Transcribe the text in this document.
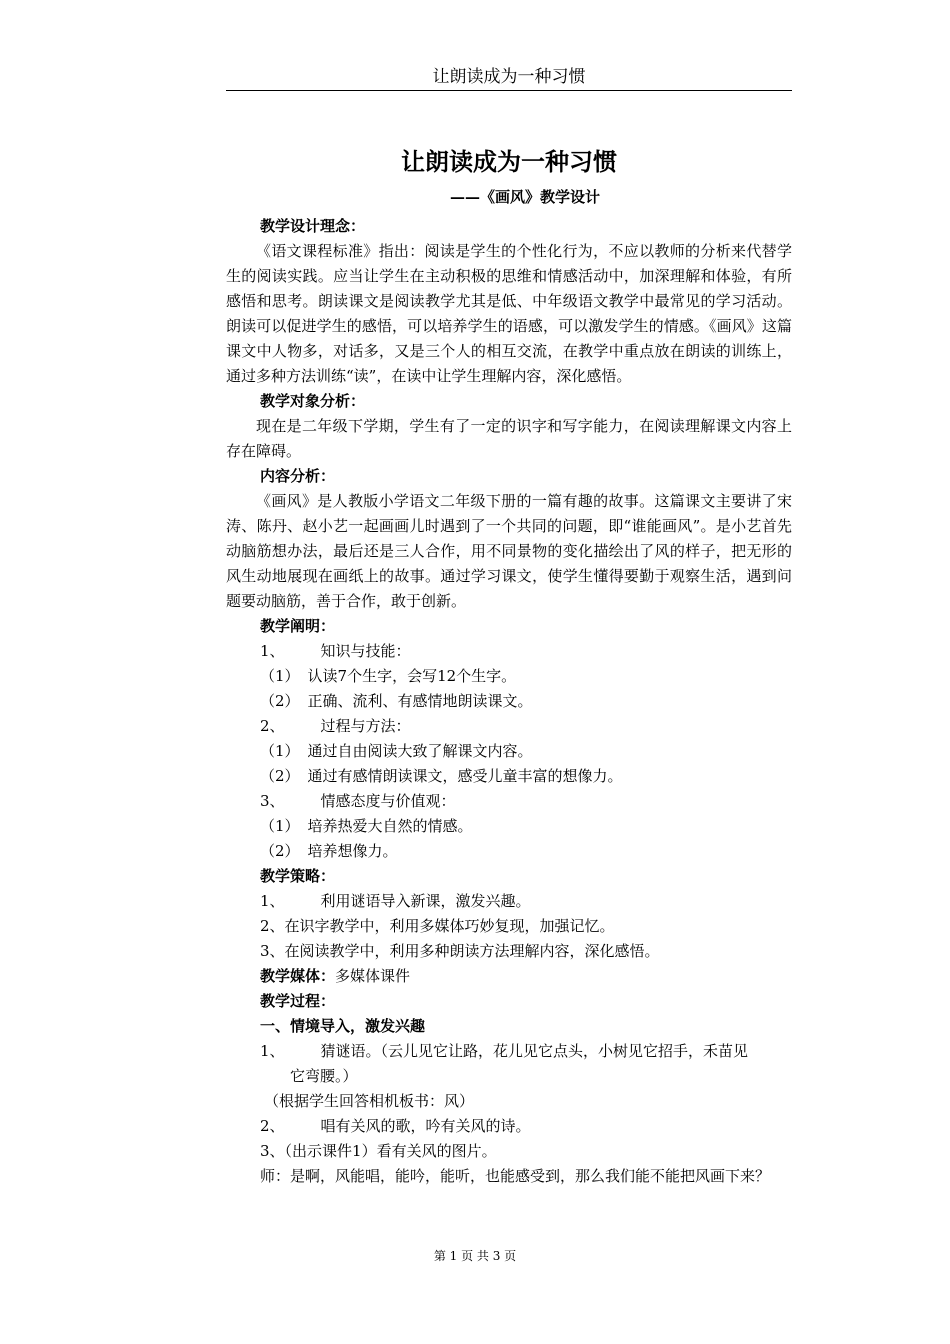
让朗读成为一种习惯

让朗读成为一种习惯

——《画风》教学设计

教学设计理念：

《语文课程标准》指出：阅读是学生的个性化行为，不应以教师的分析来代替学生的阅读实践。应当让学生在主动积极的思维和情感活动中，加深理解和体验，有所感悟和思考。朗读课文是阅读教学尤其是低、中年级语文教学中最常见的学习活动。朗读可以促进学生的感悟，可以培养学生的语感，可以激发学生的情感。《画风》这篇课文中人物多，对话多，又是三个人的相互交流，在教学中重点放在朗读的训练上，通过多种方法训练“读”，在读中让学生理解内容，深化感悟。

教学对象分析：

现在是二年级下学期，学生有了一定的识字和写字能力，在阅读理解课文内容上存在障碍。

内容分析：

《画风》是人教版小学语文二年级下册的一篇有趣的故事。这篇课文主要讲了宋涛、陈丹、赵小艺一起画画儿时遇到了一个共同的问题，即“谁能画风”。是小艺首先动脑筋想办法，最后还是三人合作，用不同景物的变化描绘出了风的样子，把无形的风生动地展现在画纸上的故事。通过学习课文，使学生懂得要勤于观察生活，遇到问题要动脑筋，善于合作，敢于创新。

教学阐明：

1、 知识与技能：

（1） 认读7个生字，会写12个生字。

（2） 正确、流利、有感情地朗读课文。

2、 过程与方法：

（1） 通过自由阅读大致了解课文内容。

（2） 通过有感情朗读课文，感受儿童丰富的想像力。

3、 情感态度与价值观：

（1） 培养热爱大自然的情感。

（2） 培养想像力。

教学策略：

1、 利用谜语导入新课，激发兴趣。

2、在识字教学中，利用多媒体巧妙复现，加强记忆。

3、在阅读教学中，利用多种朗读方法理解内容，深化感悟。

教学媒体：多媒体课件

教学过程：

一、情境导入，激发兴趣

1、 猜谜语。（云儿见它让路，花儿见它点头，小树见它招手，禾苗见

它弯腰。）

（根据学生回答相机板书：风）

2、 唱有关风的歌，吟有关风的诗。

3、（出示课件1）看有关风的图片。

师：是啊，风能唱，能吟，能听，也能感受到，那么我们能不能把风画下来？

第 1 页 共 3 页
